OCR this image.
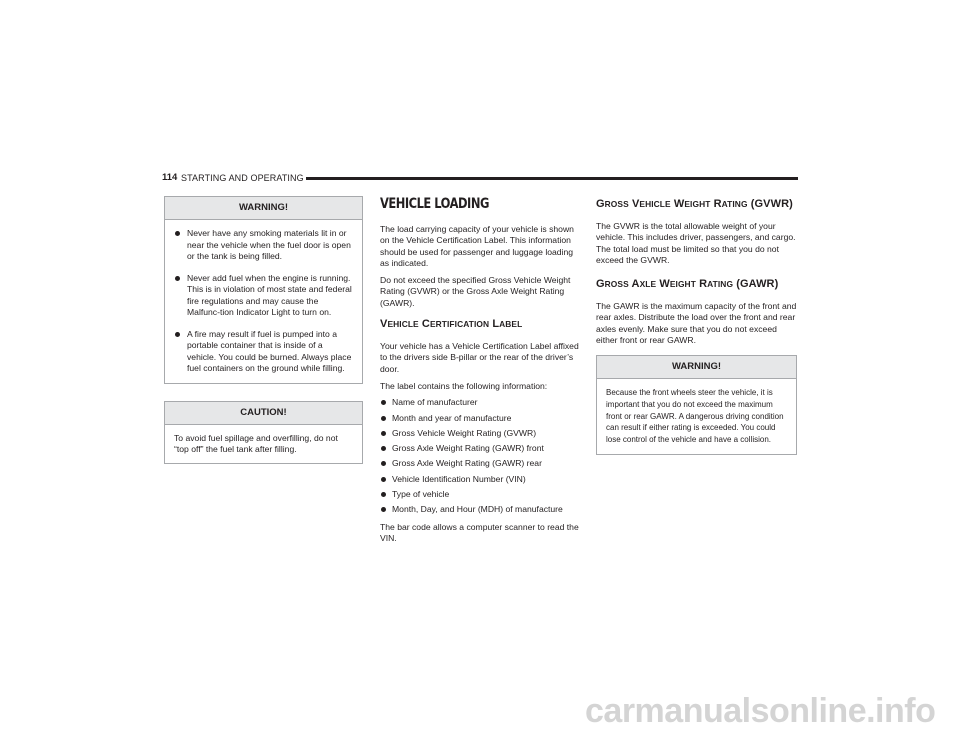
114 STARTING AND OPERATING
WARNING!
Never have any smoking materials lit in or near the vehicle when the fuel door is open or the tank is being filled.
Never add fuel when the engine is running. This is in violation of most state and federal fire regulations and may cause the Malfunc-tion Indicator Light to turn on.
A fire may result if fuel is pumped into a portable container that is inside of a vehicle. You could be burned. Always place fuel containers on the ground while filling.
CAUTION!
To avoid fuel spillage and overfilling, do not “top off” the fuel tank after filling.
VEHICLE LOADING

The load carrying capacity of your vehicle is shown on the Vehicle Certification Label. This information should be used for passenger and luggage loading as indicated.

Do not exceed the specified Gross Vehicle Weight Rating (GVWR) or the Gross Axle Weight Rating (GAWR).

VEHICLE CERTIFICATION LABEL

Your vehicle has a Vehicle Certification Label affixed to the drivers side B-pillar or the rear of the driver’s door.

The label contains the following information:

Name of manufacturer
Month and year of manufacture
Gross Vehicle Weight Rating (GVWR)
Gross Axle Weight Rating (GAWR) front
Gross Axle Weight Rating (GAWR) rear
Vehicle Identification Number (VIN)
Type of vehicle
Month, Day, and Hour (MDH) of manufacture

The bar code allows a computer scanner to read the VIN.

GROSS VEHICLE WEIGHT RATING (GVWR)

The GVWR is the total allowable weight of your vehicle. This includes driver, passengers, and cargo. The total load must be limited so that you do not exceed the GVWR.

GROSS AXLE WEIGHT RATING (GAWR)

The GAWR is the maximum capacity of the front and rear axles. Distribute the load over the front and rear axles evenly. Make sure that you do not exceed either front or rear GAWR.

WARNING!
Because the front wheels steer the vehicle, it is important that you do not exceed the maximum front or rear GAWR. A dangerous driving condition can result if either rating is exceeded. You could lose control of the vehicle and have a collision.
carmanualsonline.info
